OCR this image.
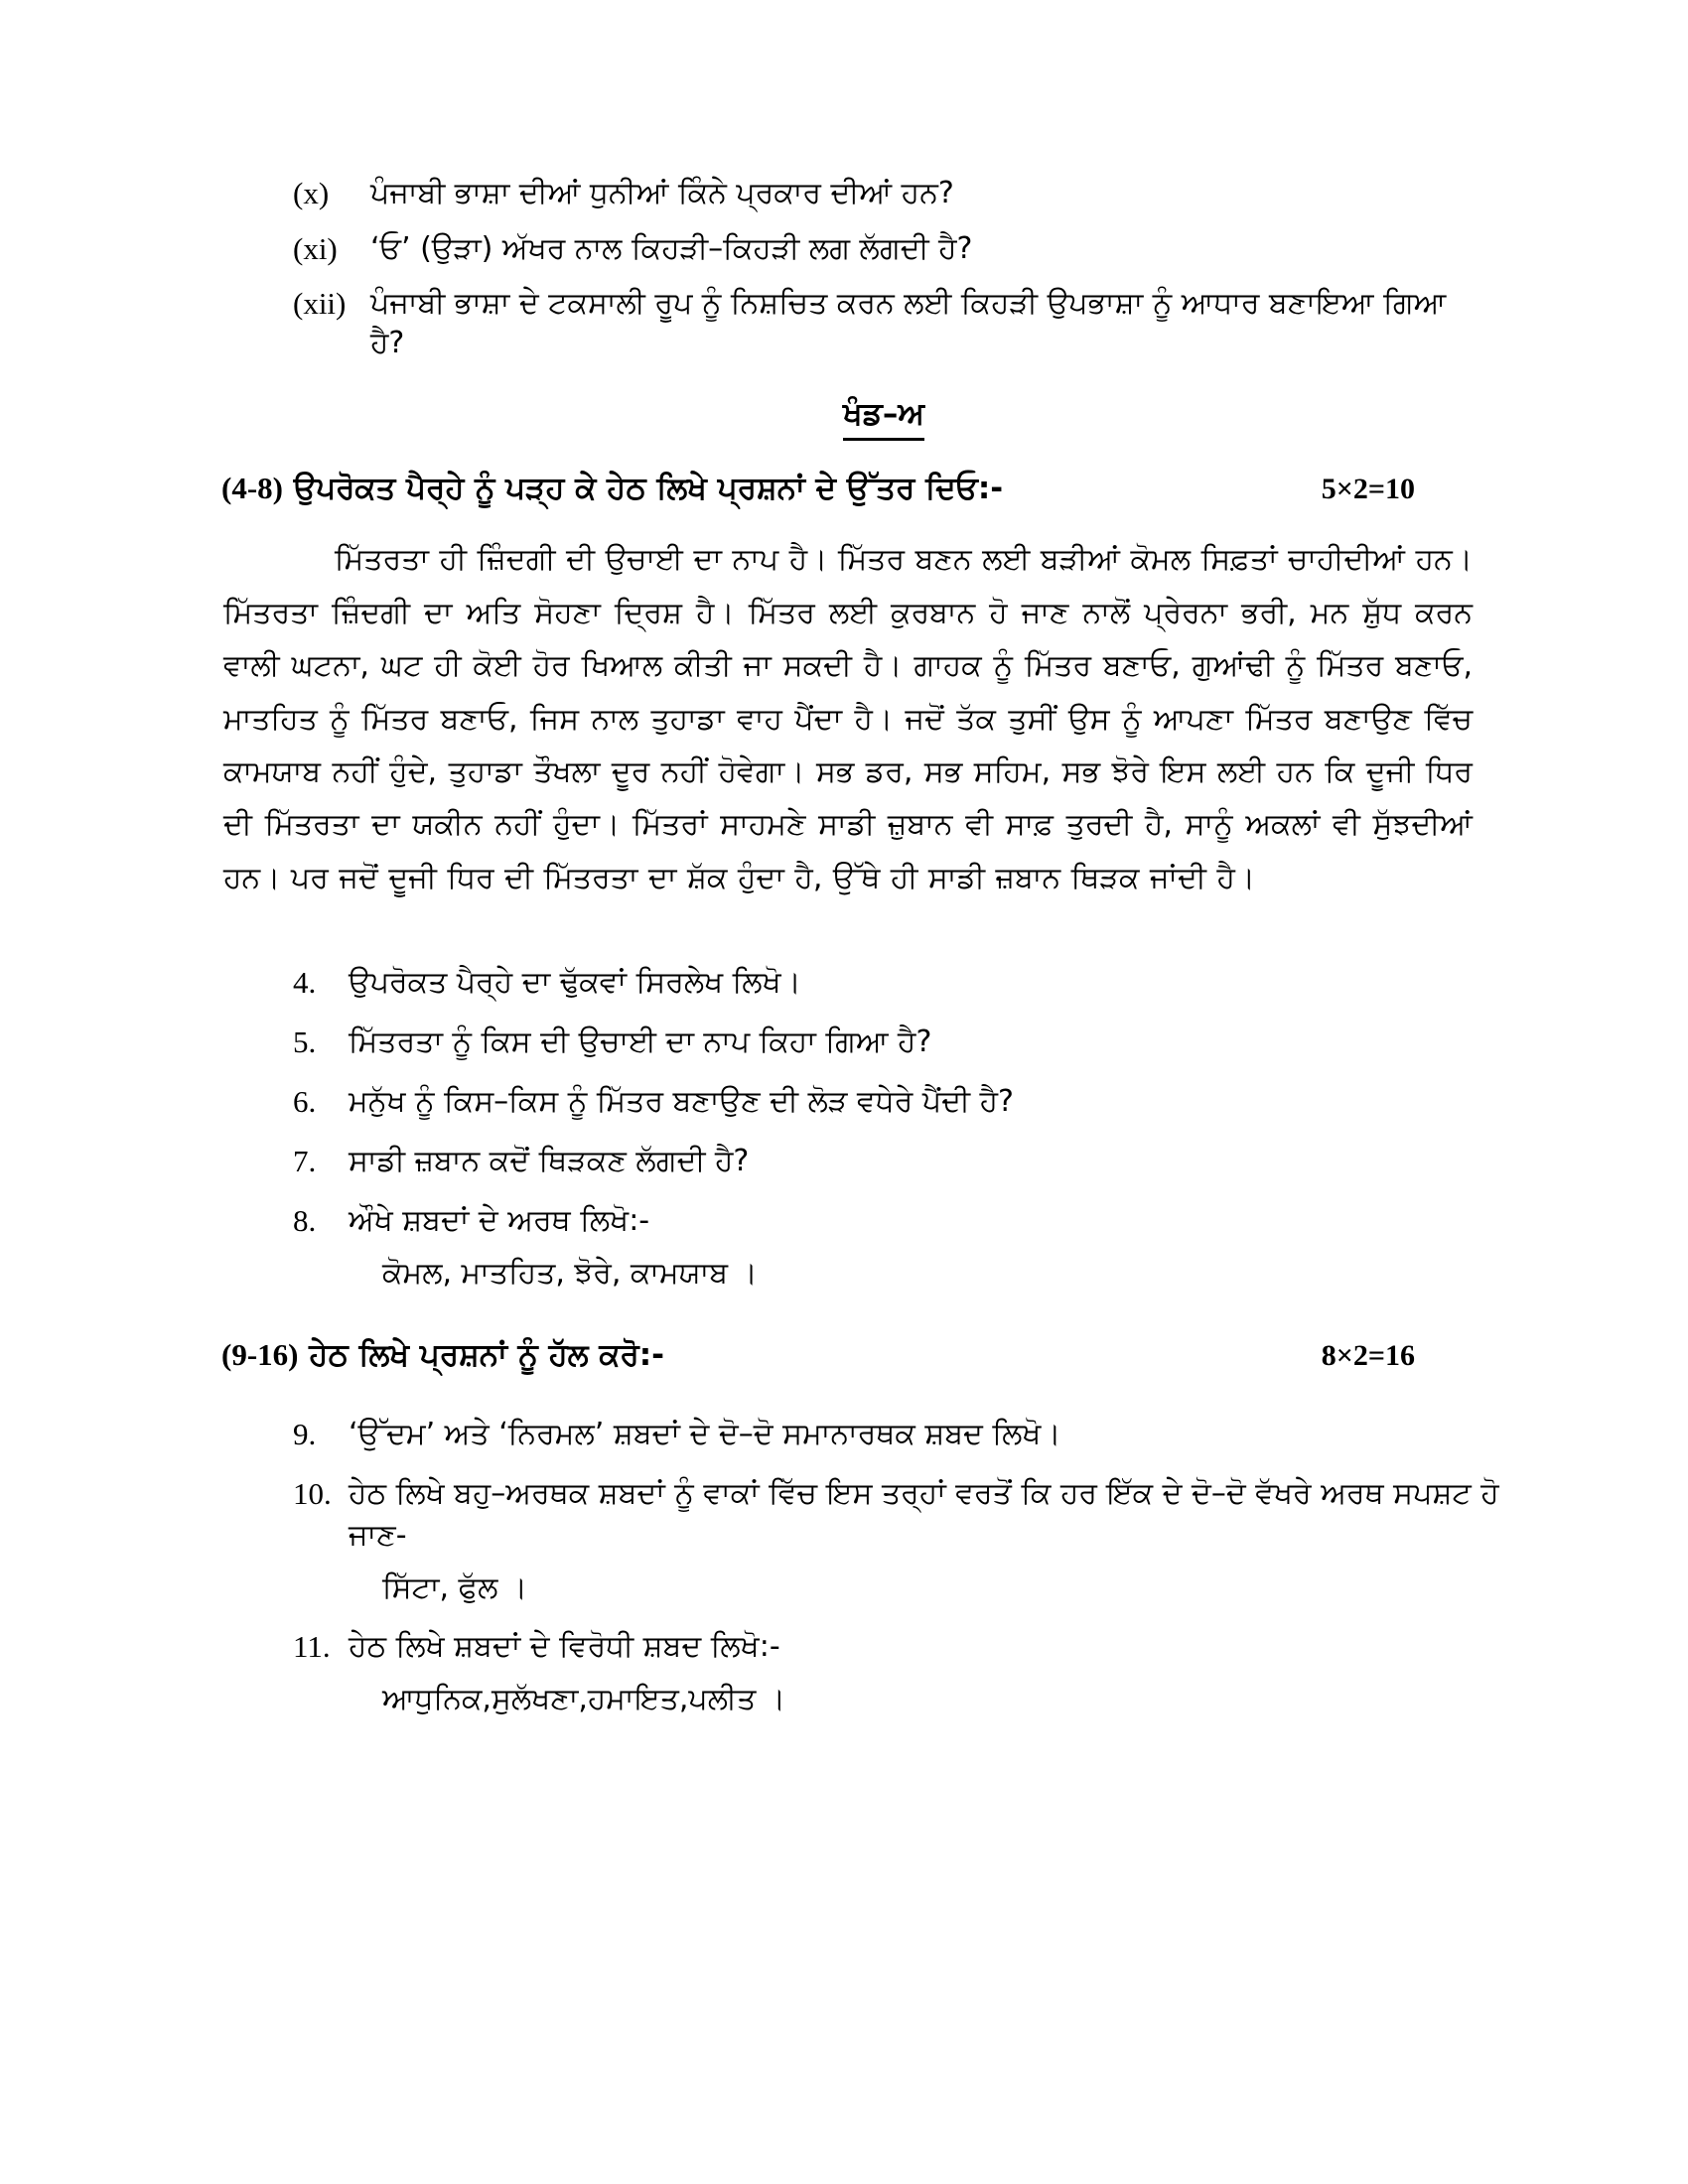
(x) ਪੰਜਾਬੀ ਭਾਸ਼ਾ ਦੀਆਂ ਧੁਨੀਆਂ ਕਿੰਨੇ ਪ੍ਰਕਾਰ ਦੀਆਂ ਹਨ?
(xi) ‘ਓ’ (ਉੜਾ) ਅੱਖਰ ਨਾਲ ਕਿਹੜੀ–ਕਿਹੜੀ ਲਗ ਲੱਗਦੀ ਹੈ?
(xii) ਪੰਜਾਬੀ ਭਾਸ਼ਾ ਦੇ ਟਕਸਾਲੀ ਰੂਪ ਨੂੰ ਨਿਸ਼ਚਿਤ ਕਰਨ ਲਈ ਕਿਹੜੀ ਉਪਭਾਸ਼ਾ ਨੂੰ ਆਧਾਰ ਬਣਾਇਆ ਗਿਆ ਹੈ?
ਖੰਡ–ਅ
(4-8) ਉਪਰੋਕਤ ਪੈਰ੍ਹੇ ਨੂੰ ਪੜ੍ਹ ਕੇ ਹੇਠ ਲਿਖੇ ਪ੍ਰਸ਼ਨਾਂ ਦੇ ਉੱਤਰ ਦਿਓ:-	5×2=10

ਮਿੱਤਰਤਾ ਹੀ ਜ਼ਿੰਦਗੀ ਦੀ ਉਚਾਈ ਦਾ ਨਾਪ ਹੈ। ਮਿੱਤਰ ਬਣਨ ਲਈ ਬੜੀਆਂ ਕੋਮਲ ਸਿਫ਼ਤਾਂ ਚਾਹੀਦੀਆਂ ਹਨ। ਮਿੱਤਰਤਾ ਜ਼ਿੰਦਗੀ ਦਾ ਅਤਿ ਸੋਹਣਾ ਦ੍ਰਿਸ਼ ਹੈ। ਮਿੱਤਰ ਲਈ ਕੁਰਬਾਨ ਹੋ ਜਾਣ ਨਾਲੋਂ ਪ੍ਰੇਰਨਾ ਭਰੀ, ਮਨ ਸ਼ੁੱਧ ਕਰਨ ਵਾਲੀ ਘਟਨਾ, ਘਟ ਹੀ ਕੋਈ ਹੋਰ ਖਿਆਲ ਕੀਤੀ ਜਾ ਸਕਦੀ ਹੈ। ਗਾਹਕ ਨੂੰ ਮਿੱਤਰ ਬਣਾਓ, ਗੁਆਂਢੀ ਨੂੰ ਮਿੱਤਰ ਬਣਾਓ, ਮਾਤਹਿਤ ਨੂੰ ਮਿੱਤਰ ਬਣਾਓ, ਜਿਸ ਨਾਲ ਤੁਹਾਡਾ ਵਾਹ ਪੈਂਦਾ ਹੈ। ਜਦੋਂ ਤੱਕ ਤੁਸੀਂ ਉਸ ਨੂੰ ਆਪਣਾ ਮਿੱਤਰ ਬਣਾਉਣ ਵਿੱਚ ਕਾਮਯਾਬ ਨਹੀਂ ਹੁੰਦੇ, ਤੁਹਾਡਾ ਤੌਖਲਾ ਦੂਰ ਨਹੀਂ ਹੋਵੇਗਾ। ਸਭ ਡਰ, ਸਭ ਸਹਿਮ, ਸਭ ਝੋਰੇ ਇਸ ਲਈ ਹਨ ਕਿ ਦੂਜੀ ਧਿਰ ਦੀ ਮਿੱਤਰਤਾ ਦਾ ਯਕੀਨ ਨਹੀਂ ਹੁੰਦਾ। ਮਿੱਤਰਾਂ ਸਾਹਮਣੇ ਸਾਡੀ ਜ਼ੁਬਾਨ ਵੀ ਸਾਫ਼ ਤੁਰਦੀ ਹੈ, ਸਾਨੂੰ ਅਕਲਾਂ ਵੀ ਸੁੱਝਦੀਆਂ ਹਨ। ਪਰ ਜਦੋਂ ਦੂਜੀ ਧਿਰ ਦੀ ਮਿੱਤਰਤਾ ਦਾ ਸ਼ੱਕ ਹੁੰਦਾ ਹੈ, ਉੱਥੇ ਹੀ ਸਾਡੀ ਜ਼ਬਾਨ ਥਿੜਕ ਜਾਂਦੀ ਹੈ।

4. ਉਪਰੋਕਤ ਪੈਰ੍ਹੇ ਦਾ ਢੁੱਕਵਾਂ ਸਿਰਲੇਖ ਲਿਖੋ।
5. ਮਿੱਤਰਤਾ ਨੂੰ ਕਿਸ ਦੀ ਉਚਾਈ ਦਾ ਨਾਪ ਕਿਹਾ ਗਿਆ ਹੈ?
6. ਮਨੁੱਖ ਨੂੰ ਕਿਸ–ਕਿਸ ਨੂੰ ਮਿੱਤਰ ਬਣਾਉਣ ਦੀ ਲੋੜ ਵਧੇਰੇ ਪੈਂਦੀ ਹੈ?
7. ਸਾਡੀ ਜ਼ਬਾਨ ਕਦੋਂ ਥਿੜਕਣ ਲੱਗਦੀ ਹੈ?
8. ਔਖੇ ਸ਼ਬਦਾਂ ਦੇ ਅਰਥ ਲਿਖੋ:-
ਕੋਮਲ, ਮਾਤਹਿਤ, ਝੋਰੇ, ਕਾਮਯਾਬ ।
(9-16) ਹੇਠ ਲਿਖੇ ਪ੍ਰਸ਼ਨਾਂ ਨੂੰ ਹੱਲ ਕਰੋ:-	8×2=16
9. ‘ਉੱਦਮ’ ਅਤੇ ‘ਨਿਰਮਲ’ ਸ਼ਬਦਾਂ ਦੇ ਦੋ–ਦੋ ਸਮਾਨਾਰਥਕ ਸ਼ਬਦ ਲਿਖੋ।
10. ਹੇਠ ਲਿਖੇ ਬਹੁ–ਅਰਥਕ ਸ਼ਬਦਾਂ ਨੂੰ ਵਾਕਾਂ ਵਿੱਚ ਇਸ ਤਰ੍ਹਾਂ ਵਰਤੋਂ ਕਿ ਹਰ ਇੱਕ ਦੇ ਦੋ–ਦੋ ਵੱਖਰੇ ਅਰਥ ਸਪਸ਼ਟ ਹੋ ਜਾਣ-
ਸਿੱਟਾ, ਫੁੱਲ ।
11. ਹੇਠ ਲਿਖੇ ਸ਼ਬਦਾਂ ਦੇ ਵਿਰੋਧੀ ਸ਼ਬਦ ਲਿਖੋ:-
ਆਧੁਨਿਕ,ਸੁਲੱਖਣਾ,ਹਮਾਇਤ,ਪਲੀਤ ।
